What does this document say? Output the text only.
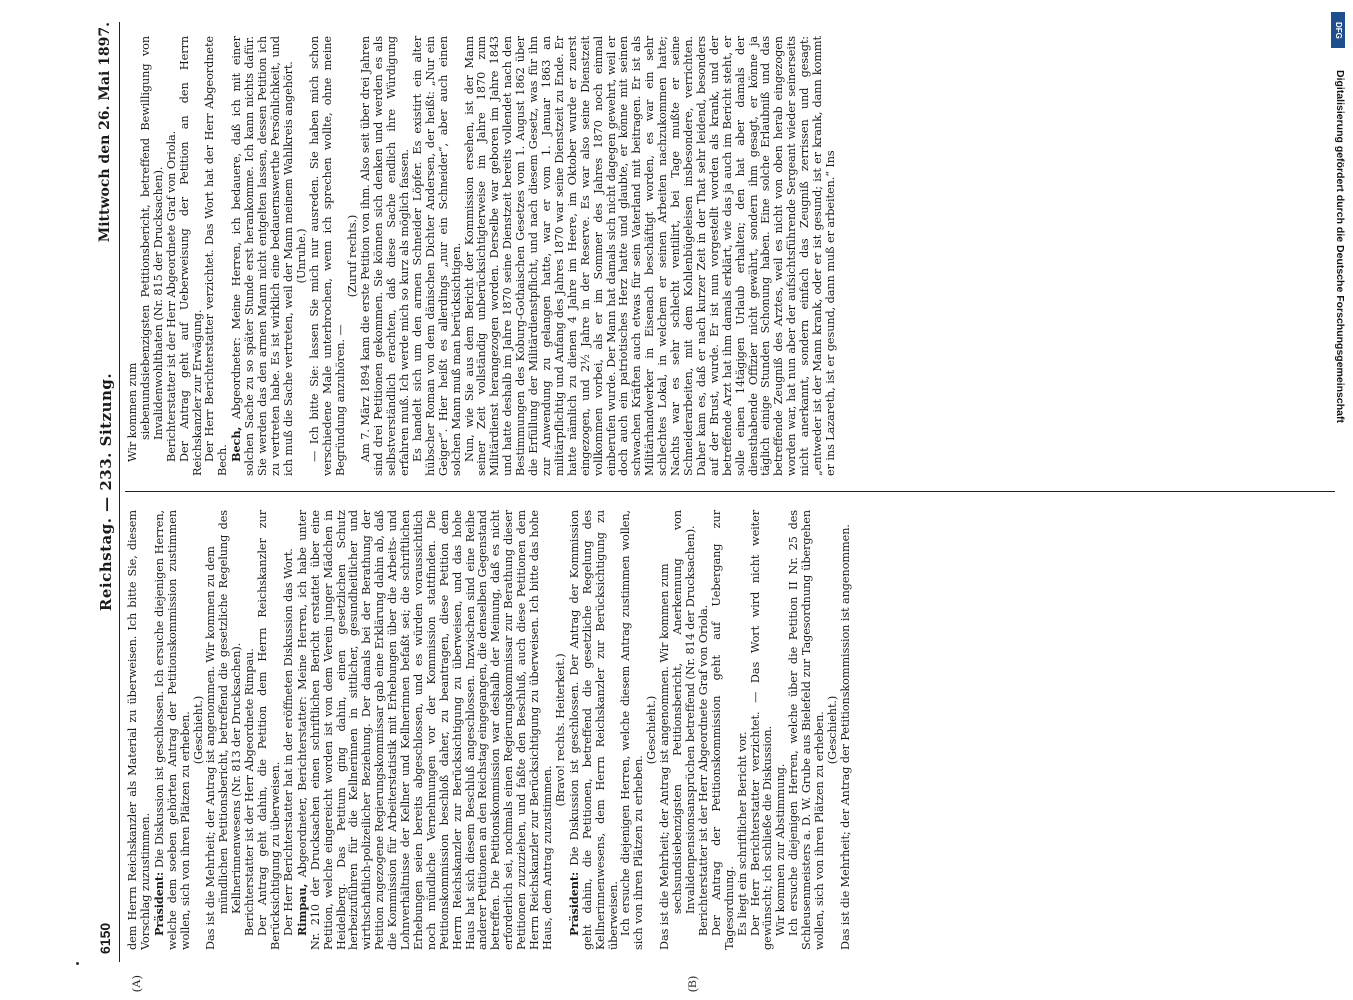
6150
Reichstag. — 233. Sitzung.
Mittwoch den 26. Mai 1897.
(A)	(B)

dem Herrn Reichskanzler als Material zu überweisen. Ich bitte Sie, diesem Vorschlag zuzustimmen. Präsident: Die Diskussion ist geschlossen. Ich ersuche diejenigen Herren, welche dem soeben gehörten Antrag der Petitionskommission zustimmen wollen, sich von ihren Plätzen zu erheben. (Geschieht.) Das ist die Mehrheit; der Antrag ist angenommen. Wir kommen zu dem mündlichen Petitionsbericht, betreffend die gesetzliche Regelung des Kellnerinnenwesens (Nr. 813 der Drucksachen). Berichterstatter ist der Herr Abgeordnete Rimpau. Der Antrag geht dahin, die Petition dem Herrn Reichskanzler zur Berücksichtigung zu überweisen. Der Herr Berichterstatter hat in der eröffneten Diskussion das Wort. Rimpau, Abgeordneter, Berichterstatter: Meine Herren, ich habe unter Nr. 210 der Drucksachen einen schriftlichen Bericht erstattet über eine Petition, welche eingereicht worden ist von dem Verein junger Mädchen in Heidelberg. Das Petitum ging dahin, einen gesetzlichen Schutz herbeizuführen für die Kellnerinnen in sittlicher, gesundheitlicher und wirthschaftlich-polizeilicher Beziehung. Der damals bei der Berathung der Petition zugezogene Regierungskommissar gab eine Erklärung dahin ab, daß die Kommission für Arbeiterstatistik mit Erhebungen über die Arbeits- und Lohnverhältnisse der Kellner und Kellnerinnen befaßt sei; die schriftlichen Erhebungen seien bereits abgeschlossen, und es würden voraussichtlich noch mündliche Vernehmungen vor der Kommission stattfinden. Die Petitionskommission beschloß daher, zu beantragen, diese Petition dem Herrn Reichskanzler zur Berücksichtigung zu überweisen, und das hohe Haus hat sich diesem Beschluß angeschlossen. Inzwischen sind eine Reihe anderer Petitionen an den Reichstag eingegangen, die denselben Gegenstand betreffen. Die Petitionskommission war deshalb der Meinung, daß es nicht erforderlich sei, nochmals einen Regierungskommissar zur Berathung dieser Petitionen zuzuziehen, und faßte den Beschluß, auch diese Petitionen dem Herrn Reichskanzler zur Berücksichtigung zu überweisen. Ich bitte das hohe Haus, dem Antrag zuzustimmen.

(Bravo! rechts. Heiterkeit.)

Präsident: Die Diskussion ist geschlossen. Der Antrag der Kommission geht dahin, die Petitionen, betreffend die gesetzliche Regelung des Kellnerinnenwesens, dem Herrn Reichskanzler zur Berücksichtigung zu überweisen. Ich ersuche diejenigen Herren, welche diesem Antrag zustimmen wollen, sich von ihren Plätzen zu erheben.

(Geschieht.) Das ist die Mehrheit; der Antrag ist angenommen. Wir kommen zum sechsundsiebenzigsten Petitionsbericht, Anerkennung von Invalidenpensionsansprüchen betreffend (Nr. 814 der Drucksachen). Berichterstatter ist der Herr Abgeordnete Graf von Oriola. Der Antrag der Petitionskommission geht auf Uebergang zur Tagesordnung. Es liegt ein schriftlicher Bericht vor. Der Herr Berichterstatter verzichtet. — Das Wort wird nicht weiter gewünscht; ich schließe die Diskussion. Wir kommen zur Abstimmung. Ich ersuche diejenigen Herren, welche über die Petition II Nr. 25 des Schleusenmeisters a. D. W. Grube aus Bielefeld zur Tagesordnung übergehen wollen, sich von ihren Plätzen zu erheben. (Geschieht.) Das ist die Mehrheit; der Antrag der Petitionskommission ist angenommen.

Wir kommen zum siebenundsiebenzigsten Petitionsbericht, betreffend Bewilligung von Invalidenwohlthaten (Nr. 815 der Drucksachen). Berichterstatter ist der Herr Abgeordnete Graf von Oriola. Der Antrag geht auf Ueberweisung der Petition an den Herrn Reichskanzler zur Erwägung. Der Herr Berichterstatter verzichtet. Das Wort hat der Herr Abgeordnete Bech. Bech, Abgeordneter: Meine Herren, ich bedauere, daß ich mit einer solchen Sache zu so später Stunde erst herankomme. Ich kann nichts dafür. Sie werden das den armen Mann nicht entgelten lassen, dessen Petition ich zu vertreten habe. Es ist wirklich eine bedauernswerthe Persönlichkeit, und ich muß die Sache vertreten, weil der Mann meinem Wahlkreis angehört. (Unruhe.) — Ich bitte Sie: lassen Sie mich nur ausreden. Sie haben mich schon verschiedene Male unterbrochen, wenn ich sprechen wollte, ohne meine Begründung anzuhören. —

(Zuruf rechts.) Am 7. März 1894 kam die erste Petition von ihm. Also seit über drei Jahren sind drei Petitionen gekommen. Sie können sich denken und werden es als selbstverständlich erachten, daß diese Sache endlich ihre Würdigung erfahren muß. Ich werde mich so kurz als möglich fassen. Es handelt sich um den armen Schneider Löpfer. Es existirt ein alter hübscher Roman von dem dänischen Dichter Andersen, der heißt: „Nur ein Geiger“. Hier heißt es allerdings „nur ein Schneider“, aber auch einen solchen Mann muß man berücksichtigen. Nun, wie Sie aus dem Bericht der Kommission ersehen, ist der Mann seiner Zeit vollständig unberücksichtigterweise im Jahre 1870 zum Militärdienst herangezogen worden. Derselbe war geboren im Jahre 1843 und hatte deshalb im Jahre 1870 seine Dienstzeit bereits vollendet nach den Bestimmungen des Koburg-Gothaischen Gesetzes vom 1. August 1862 über die Erfüllung der Militärdienstpflicht, und nach diesem Gesetz, was für ihn zur Anwendung zu gelangen hatte, war er vom 1. Januar 1863 an militärpflichtig und Anfang des Jahres 1870 war seine Dienstzeit zu Ende. Er hatte nämlich zu dienen 4 Jahre im Heere, im Oktober wurde er zuerst eingezogen, und 2½ Jahre in der Reserve. Es war also seine Dienstzeit vollkommen vorbei, als er im Sommer des Jahres 1870 noch einmal einberufen wurde. Der Mann hat damals sich nicht dagegen gewehrt, weil er doch auch ein patriotisches Herz hatte und glaubte, er könne mit seinen schwachen Kräften auch etwas für sein Vaterland mit beitragen. Er ist als Militärhandwerker in Eisenach beschäftigt worden, es war ein sehr schlechtes Lokal, in welchem er seinen Arbeiten nachzukommen hatte; Nachts war es sehr schlecht ventilirt, bei Tage mußte er seine Schneiderarbeiten, mit dem Kohlenbügeleisen insbesondere, verrichten. Daher kam es, daß er nach kurzer Zeit in der That sehr leidend, besonders auf der Brust, wurde. Er ist nun vorgestellt worden als krank, und der betreffende Arzt hat ihm damals erklärt, wie das ja auch im Bericht steht, er solle einen 14tägigen Urlaub erhalten; den hat aber damals der diensthabende Offizier nicht gewährt, sondern ihm gesagt, er könne ja täglich einige Stunden Schonung haben. Eine solche Erlaubniß und das betreffende Zeugniß des Arztes, weil es nicht von oben herab eingezogen worden war, hat nun aber der aufsichtsführende Sergeant wieder seinerseits nicht anerkannt, sondern einfach das Zeugniß zerrissen und gesagt: „entweder ist der Mann krank, oder er ist gesund; ist er krank, dann kommt er ins Lazareth, ist er gesund, dann muß er arbeiten.“ Ins

DFG
Digitalisierung gefördert durch die Deutsche Forschungsgemeinschaft
